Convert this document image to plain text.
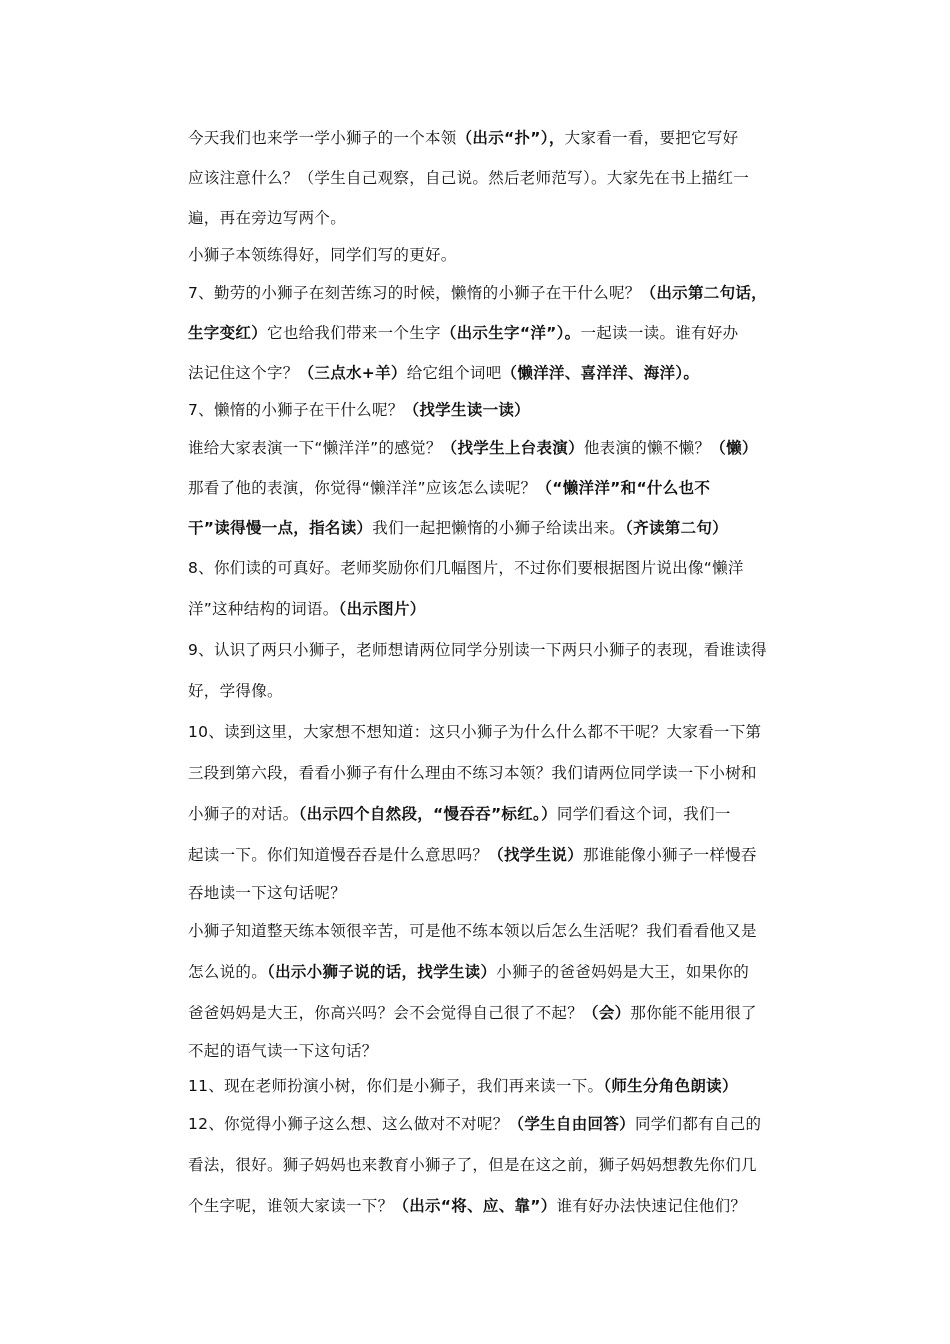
今天我们也来学一学小狮子的一个本领（出示“扑”），大家看一看，要把它写好
应该注意什么？（学生自己观察，自己说。然后老师范写）。大家先在书上描红一
遍，再在旁边写两个。
小狮子本领练得好，同学们写的更好。
7、勤劳的小狮子在刻苦练习的时候，懒惰的小狮子在干什么呢？（出示第二句话，
生字变红）它也给我们带来一个生字（出示生字“洋”）。一起读一读。谁有好办
法记住这个字？（三点水+羊）给它组个词吧（懒洋洋、喜洋洋、海洋）。
7、懒惰的小狮子在干什么呢？（找学生读一读）
谁给大家表演一下“懒洋洋”的感觉？（找学生上台表演）他表演的懒不懒？（懒）
那看了他的表演，你觉得“懒洋洋”应该怎么读呢？（“懒洋洋”和“什么也不
干”读得慢一点，指名读）我们一起把懒惰的小狮子给读出来。（齐读第二句）
8、你们读的可真好。老师奖励你们几幅图片，不过你们要根据图片说出像“懒洋
洋”这种结构的词语。（出示图片）
9、认识了两只小狮子，老师想请两位同学分别读一下两只小狮子的表现，看谁读得
好，学得像。
10、读到这里，大家想不想知道：这只小狮子为什么什么都不干呢？大家看一下第
三段到第六段，看看小狮子有什么理由不练习本领？我们请两位同学读一下小树和
小狮子的对话。（出示四个自然段，“慢吞吞”标红。）同学们看这个词，我们一
起读一下。你们知道慢吞吞是什么意思吗？（找学生说）那谁能像小狮子一样慢吞
吞地读一下这句话呢？
小狮子知道整天练本领很辛苦，可是他不练本领以后怎么生活呢？我们看看他又是
怎么说的。（出示小狮子说的话，找学生读）小狮子的爸爸妈妈是大王，如果你的
爸爸妈妈是大王，你高兴吗？会不会觉得自己很了不起？（会）那你能不能用很了
不起的语气读一下这句话？
11、现在老师扮演小树，你们是小狮子，我们再来读一下。（师生分角色朗读）
12、你觉得小狮子这么想、这么做对不对呢？（学生自由回答）同学们都有自己的
看法，很好。狮子妈妈也来教育小狮子了，但是在这之前，狮子妈妈想教先你们几
个生字呢，谁领大家读一下？（出示“将、应、靠”）谁有好办法快速记住他们？
